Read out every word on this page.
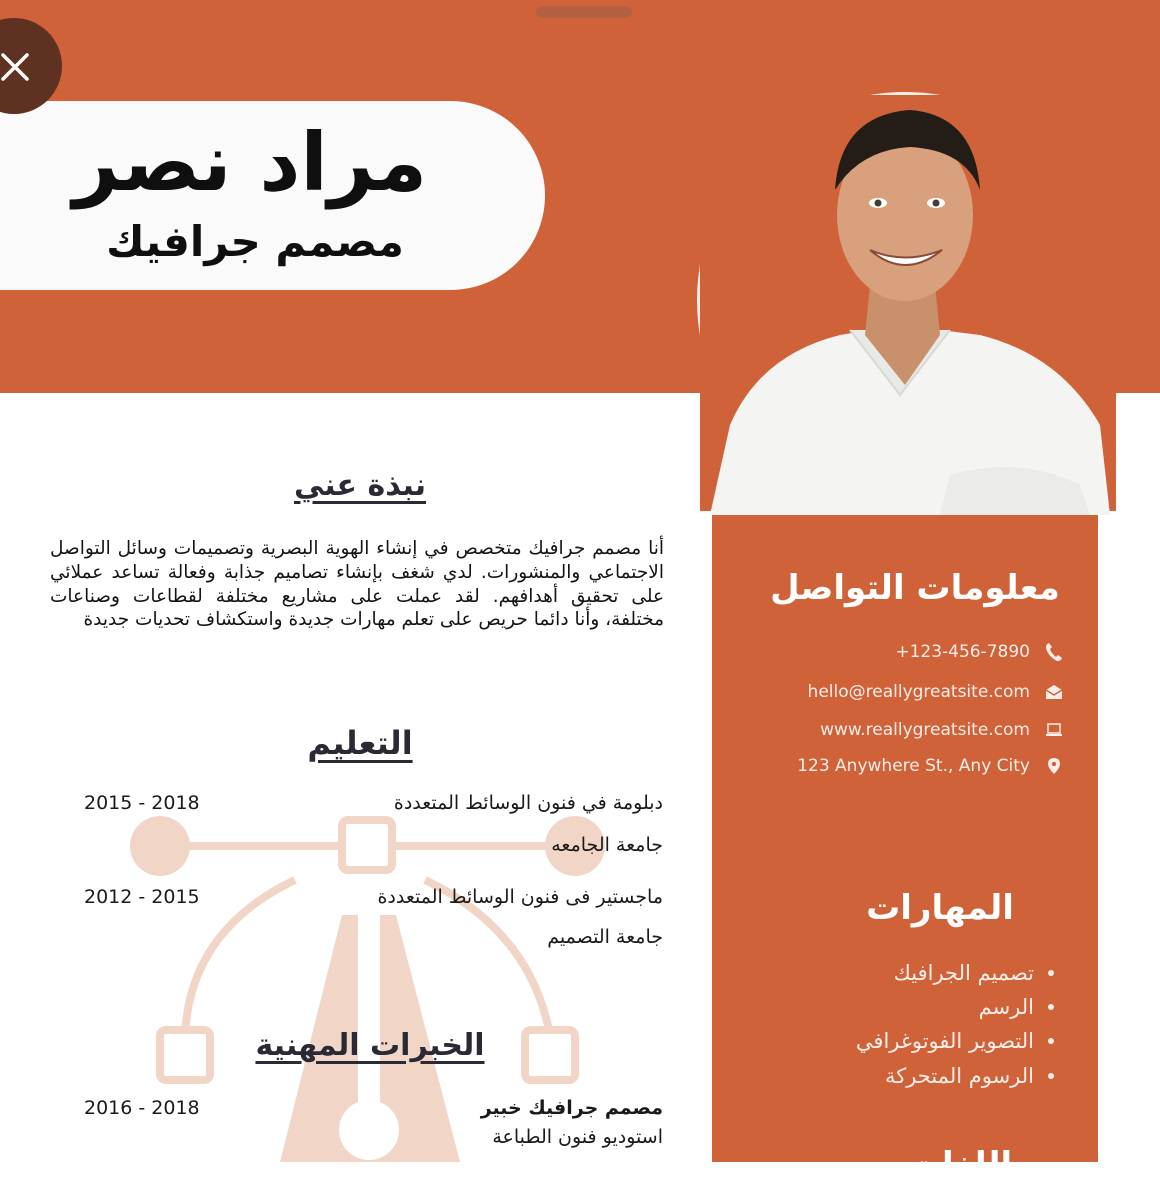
مراد نصر
مصمم جرافيك
نبذة عني

أنا مصمم جرافيك متخصص في إنشاء الهوية البصرية وتصميمات وسائل التواصل الاجتماعي والمنشورات. لدي شغف بإنشاء تصاميم جذابة وفعالة تساعد عملائي على تحقيق أهدافهم. لقد عملت على مشاريع مختلفة لقطاعات وصناعات مختلفة، وأنا دائما حريص على تعلم مهارات جديدة واستكشاف تحديات جديدة

التعليم
2015 - 2018	دبلومة في فنون الوسائط المتعددة
جامعة الجامعه
2012 - 2015	ماجستير فى فنون الوسائط المتعددة
جامعة التصميم
الخبرات المهنية
2016 - 2018	مصمم جرافيك خبير
استوديو فنون الطباعة
معلومات التواصل
+123-456-7890
hello@reallygreatsite.com
www.reallygreatsite.com
123 Anywhere St., Any City
المهارات
تصميم الجرافيك
الرسم
التصوير الفوتوغرافي
الرسوم المتحركة
اللغات
